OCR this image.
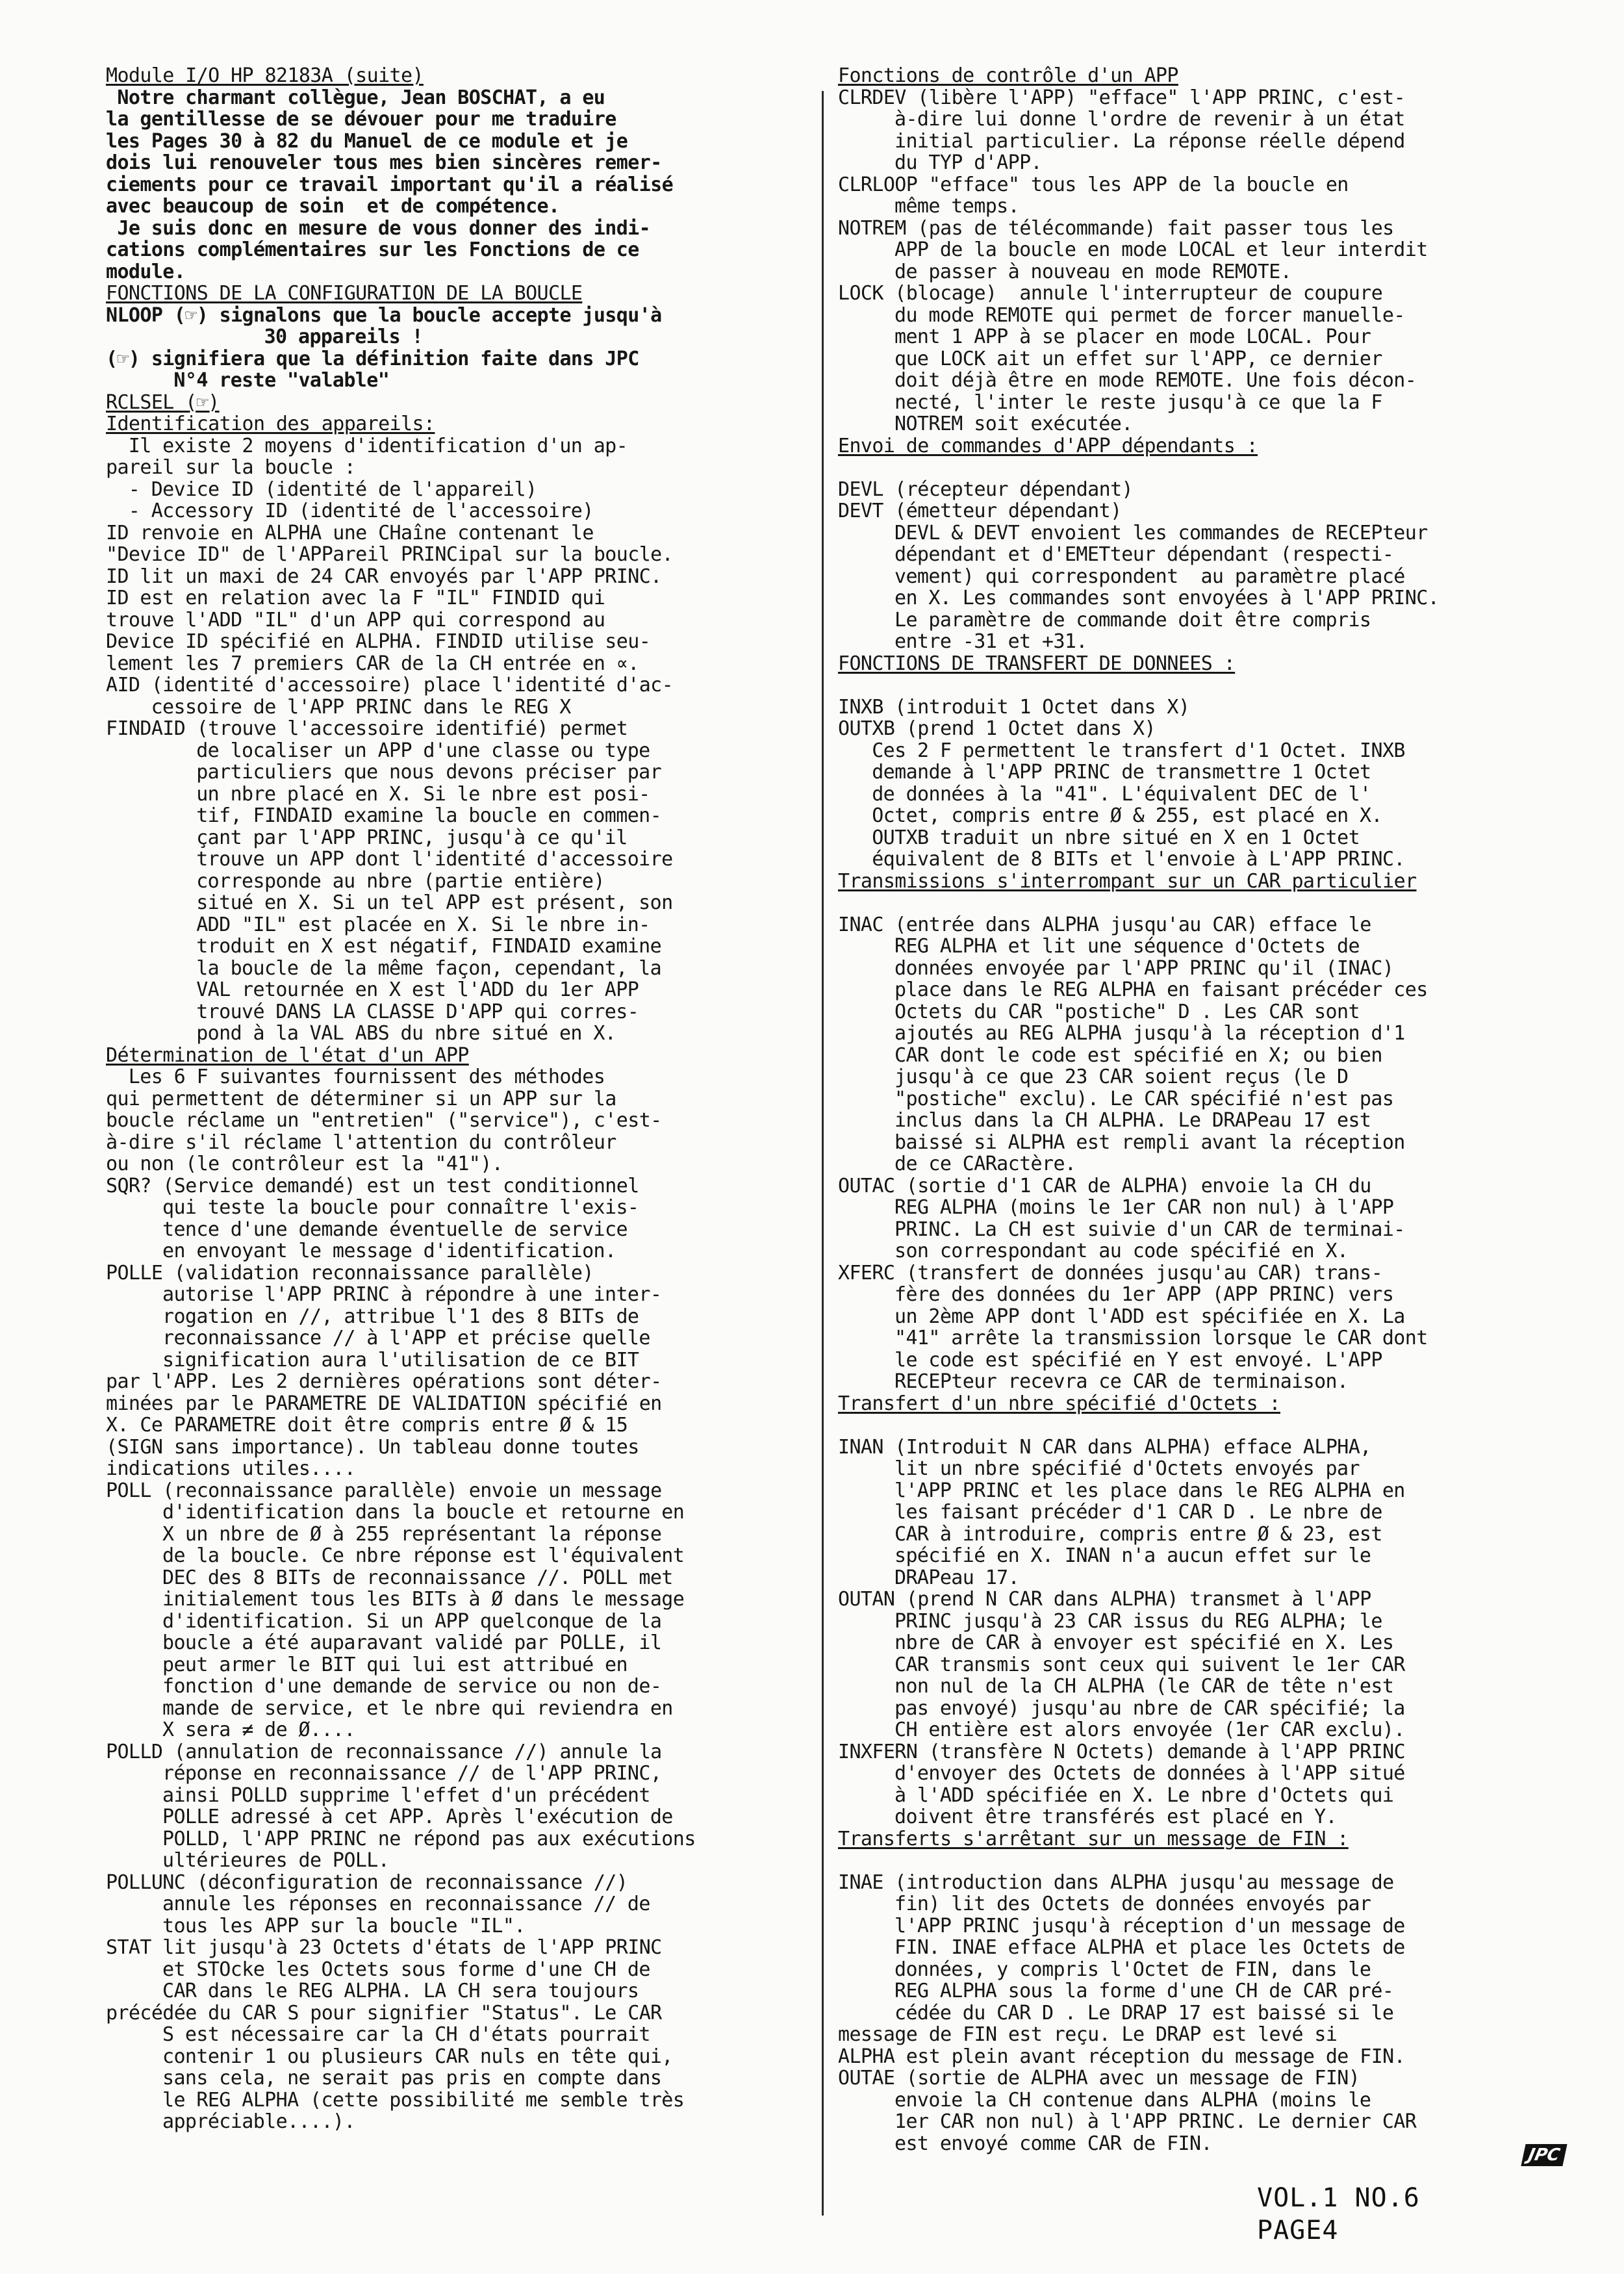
Module I/O HP 82183A (suite)
Notre charmant collègue, Jean BOSCHAT, a eu
la gentillesse de se dévouer pour me traduire
les Pages 30 à 82 du Manuel de ce module et je
dois lui renouveler tous mes bien sincères remer-
ciements pour ce travail important qu'il a réalisé
avec beaucoup de soin  et de compétence.
Je suis donc en mesure de vous donner des indi-
cations complémentaires sur les Fonctions de ce
module.
FONCTIONS DE LA CONFIGURATION DE LA BOUCLE
NLOOP (☞) signalons que la boucle accepte jusqu'à
30 appareils !
(☞) signifiera que la définition faite dans JPC
N°4 reste "valable"
RCLSEL (☞)
Identification des appareils:
Il existe 2 moyens d'identification d'un ap-
pareil sur la boucle :
- Device ID (identité de l'appareil)
- Accessory ID (identité de l'accessoire)
ID renvoie en ALPHA une CHaîne contenant le
"Device ID" de l'APPareil PRINCipal sur la boucle.
ID lit un maxi de 24 CAR envoyés par l'APP PRINC.
ID est en relation avec la F "IL" FINDID qui
trouve l'ADD "IL" d'un APP qui correspond au
Device ID spécifié en ALPHA. FINDID utilise seu-
lement les 7 premiers CAR de la CH entrée en ∝.
AID (identité d'accessoire) place l'identité d'ac-
cessoire de l'APP PRINC dans le REG X
FINDAID (trouve l'accessoire identifié) permet
de localiser un APP d'une classe ou type
particuliers que nous devons préciser par
un nbre placé en X. Si le nbre est posi-
tif, FINDAID examine la boucle en commen-
çant par l'APP PRINC, jusqu'à ce qu'il
trouve un APP dont l'identité d'accessoire
corresponde au nbre (partie entière)
situé en X. Si un tel APP est présent, son
ADD "IL" est placée en X. Si le nbre in-
troduit en X est négatif, FINDAID examine
la boucle de la même façon, cependant, la
VAL retournée en X est l'ADD du 1er APP
trouvé DANS LA CLASSE D'APP qui corres-
pond à la VAL ABS du nbre situé en X.
Détermination de l'état d'un APP
Les 6 F suivantes fournissent des méthodes
qui permettent de déterminer si un APP sur la
boucle réclame un "entretien" ("service"), c'est-
à-dire s'il réclame l'attention du contrôleur
ou non (le contrôleur est la "41").
SQR? (Service demandé) est un test conditionnel
qui teste la boucle pour connaître l'exis-
tence d'une demande éventuelle de service
en envoyant le message d'identification.
POLLE (validation reconnaissance parallèle)
autorise l'APP PRINC à répondre à une inter-
rogation en //, attribue l'1 des 8 BITs de
reconnaissance // à l'APP et précise quelle
signification aura l'utilisation de ce BIT
par l'APP. Les 2 dernières opérations sont déter-
minées par le PARAMETRE DE VALIDATION spécifié en
X. Ce PARAMETRE doit être compris entre Ø & 15
(SIGN sans importance). Un tableau donne toutes
indications utiles....
POLL (reconnaissance parallèle) envoie un message
d'identification dans la boucle et retourne en
X un nbre de Ø à 255 représentant la réponse
de la boucle. Ce nbre réponse est l'équivalent
DEC des 8 BITs de reconnaissance //. POLL met
initialement tous les BITs à Ø dans le message
d'identification. Si un APP quelconque de la
boucle a été auparavant validé par POLLE, il
peut armer le BIT qui lui est attribué en
fonction d'une demande de service ou non de-
mande de service, et le nbre qui reviendra en
X sera ≠ de Ø....
POLLD (annulation de reconnaissance //) annule la
réponse en reconnaissance // de l'APP PRINC,
ainsi POLLD supprime l'effet d'un précédent
POLLE adressé à cet APP. Après l'exécution de
POLLD, l'APP PRINC ne répond pas aux exécutions
ultérieures de POLL.
POLLUNC (déconfiguration de reconnaissance //)
annule les réponses en reconnaissance // de
tous les APP sur la boucle "IL".
STAT lit jusqu'à 23 Octets d'états de l'APP PRINC
et STOcke les Octets sous forme d'une CH de
CAR dans le REG ALPHA. LA CH sera toujours
précédée du CAR S pour signifier "Status". Le CAR
S est nécessaire car la CH d'états pourrait
contenir 1 ou plusieurs CAR nuls en tête qui,
sans cela, ne serait pas pris en compte dans
le REG ALPHA (cette possibilité me semble très
appréciable....).
Fonctions de contrôle d'un APP
CLRDEV (libère l'APP) "efface" l'APP PRINC, c'est-
à-dire lui donne l'ordre de revenir à un état
initial particulier. La réponse réelle dépend
du TYP d'APP.
CLRLOOP "efface" tous les APP de la boucle en
même temps.
NOTREM (pas de télécommande) fait passer tous les
APP de la boucle en mode LOCAL et leur interdit
de passer à nouveau en mode REMOTE.
LOCK (blocage)  annule l'interrupteur de coupure
du mode REMOTE qui permet de forcer manuelle-
ment 1 APP à se placer en mode LOCAL. Pour
que LOCK ait un effet sur l'APP, ce dernier
doit déjà être en mode REMOTE. Une fois décon-
necté, l'inter le reste jusqu'à ce que la F
NOTREM soit exécutée.
Envoi de commandes d'APP dépendants :
DEVL (récepteur dépendant)
DEVT (émetteur dépendant)
DEVL & DEVT envoient les commandes de RECEPteur
dépendant et d'EMETteur dépendant (respecti-
vement) qui correspondent  au paramètre placé
en X. Les commandes sont envoyées à l'APP PRINC.
Le paramètre de commande doit être compris
entre -31 et +31.
FONCTIONS DE TRANSFERT DE DONNEES :
INXB (introduit 1 Octet dans X)
OUTXB (prend 1 Octet dans X)
Ces 2 F permettent le transfert d'1 Octet. INXB
demande à l'APP PRINC de transmettre 1 Octet
de données à la "41". L'équivalent DEC de l'
Octet, compris entre Ø & 255, est placé en X.
OUTXB traduit un nbre situé en X en 1 Octet
équivalent de 8 BITs et l'envoie à L'APP PRINC.
Transmissions s'interrompant sur un CAR particulier
INAC (entrée dans ALPHA jusqu'au CAR) efface le
REG ALPHA et lit une séquence d'Octets de
données envoyée par l'APP PRINC qu'il (INAC)
place dans le REG ALPHA en faisant précéder ces
Octets du CAR "postiche" D . Les CAR sont
ajoutés au REG ALPHA jusqu'à la réception d'1
CAR dont le code est spécifié en X; ou bien
jusqu'à ce que 23 CAR soient reçus (le D
"postiche" exclu). Le CAR spécifié n'est pas
inclus dans la CH ALPHA. Le DRAPeau 17 est
baissé si ALPHA est rempli avant la réception
de ce CARactère.
OUTAC (sortie d'1 CAR de ALPHA) envoie la CH du
REG ALPHA (moins le 1er CAR non nul) à l'APP
PRINC. La CH est suivie d'un CAR de terminai-
son correspondant au code spécifié en X.
XFERC (transfert de données jusqu'au CAR) trans-
fère des données du 1er APP (APP PRINC) vers
un 2ème APP dont l'ADD est spécifiée en X. La
"41" arrête la transmission lorsque le CAR dont
le code est spécifié en Y est envoyé. L'APP
RECEPteur recevra ce CAR de terminaison.
Transfert d'un nbre spécifié d'Octets :
INAN (Introduit N CAR dans ALPHA) efface ALPHA,
lit un nbre spécifié d'Octets envoyés par
l'APP PRINC et les place dans le REG ALPHA en
les faisant précéder d'1 CAR D . Le nbre de
CAR à introduire, compris entre Ø & 23, est
spécifié en X. INAN n'a aucun effet sur le
DRAPeau 17.
OUTAN (prend N CAR dans ALPHA) transmet à l'APP
PRINC jusqu'à 23 CAR issus du REG ALPHA; le
nbre de CAR à envoyer est spécifié en X. Les
CAR transmis sont ceux qui suivent le 1er CAR
non nul de la CH ALPHA (le CAR de tête n'est
pas envoyé) jusqu'au nbre de CAR spécifié; la
CH entière est alors envoyée (1er CAR exclu).
INXFERN (transfère N Octets) demande à l'APP PRINC
d'envoyer des Octets de données à l'APP situé
à l'ADD spécifiée en X. Le nbre d'Octets qui
doivent être transférés est placé en Y.
Transferts s'arrêtant sur un message de FIN :
INAE (introduction dans ALPHA jusqu'au message de
fin) lit des Octets de données envoyés par
l'APP PRINC jusqu'à réception d'un message de
FIN. INAE efface ALPHA et place les Octets de
données, y compris l'Octet de FIN, dans le
REG ALPHA sous la forme d'une CH de CAR pré-
cédée du CAR D . Le DRAP 17 est baissé si le
message de FIN est reçu. Le DRAP est levé si
ALPHA est plein avant réception du message de FIN.
OUTAE (sortie de ALPHA avec un message de FIN)
envoie la CH contenue dans ALPHA (moins le
1er CAR non nul) à l'APP PRINC. Le dernier CAR
est envoyé comme CAR de FIN.
VOL.1 NO.6
PAGE4
JPC
